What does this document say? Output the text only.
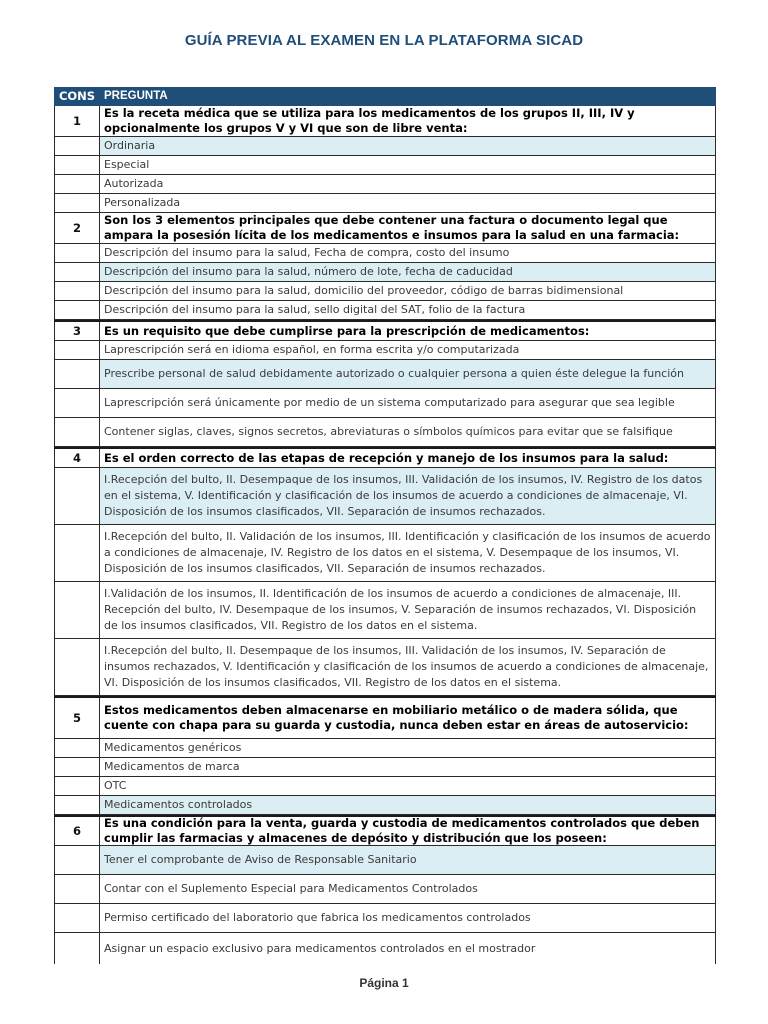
GUÍA PREVIA AL EXAMEN EN LA PLATAFORMA SICAD
CONS PREGUNTA
1
Es la receta médica que se utiliza para los medicamentos de los grupos II, III, IV y opcionalmente los grupos V y VI que son de libre venta:
Ordinaria
Especial
Autorizada
Personalizada
2
Son los 3 elementos principales que debe contener una factura o documento legal que ampara la posesión lícita de los medicamentos e insumos para la salud en una farmacia:
Descripción del insumo para la salud, Fecha de compra, costo del insumo
Descripción del insumo para la salud, número de lote, fecha de caducidad
Descripción del insumo para la salud, domicilio del proveedor, código de barras bidimensional
Descripción del insumo para la salud, sello digital del SAT, folio de la factura
3	Es un requisito que debe cumplirse para la prescripción de medicamentos:
Laprescripción será en idioma español, en forma escrita y/o computarizada
Prescribe personal de salud debidamente autorizado o cualquier persona a quien éste delegue la función
Laprescripción será únicamente por medio de un sistema computarizado para asegurar que sea legible
Contener siglas, claves, signos secretos, abreviaturas o símbolos químicos para evitar que se falsifique
4	Es el orden correcto de las etapas de recepción y manejo de los insumos para la salud:
I.Recepción del bulto, II. Desempaque de los insumos, III. Validación de los insumos, IV. Registro de los datos en el sistema, V. Identificación y clasificación de los insumos de acuerdo a condiciones de almacenaje, VI. Disposición de los insumos clasificados, VII. Separación de insumos rechazados.
I.Recepción del bulto, II. Validación de los insumos, III. Identificación y clasificación de los insumos de acuerdo a condiciones de almacenaje, IV. Registro de los datos en el sistema, V. Desempaque de los insumos, VI. Disposición de los insumos clasificados, VII. Separación de insumos rechazados.
I.Validación de los insumos, II. Identificación de los insumos de acuerdo a condiciones de almacenaje, III. Recepción del bulto, IV. Desempaque de los insumos, V. Separación de insumos rechazados, VI. Disposición de los insumos clasificados, VII. Registro de los datos en el sistema.
I.Recepción del bulto, II. Desempaque de los insumos, III. Validación de los insumos, IV. Separación de insumos rechazados, V. Identificación y clasificación de los insumos de acuerdo a condiciones de almacenaje, VI. Disposición de los insumos clasificados, VII. Registro de los datos en el sistema.
5
Estos medicamentos deben almacenarse en mobiliario metálico o de madera sólida, que cuente con chapa para su guarda y custodia, nunca deben estar en áreas de autoservicio:
Medicamentos genéricos
Medicamentos de marca
OTC
Medicamentos controlados
6
Es una condición para la venta, guarda y custodia de medicamentos controlados que deben cumplir las farmacias y almacenes de depósito y distribución que los poseen:
Tener el comprobante de Aviso de Responsable Sanitario
Contar con el Suplemento Especial para Medicamentos Controlados
Permiso certificado del laboratorio que fabrica los medicamentos controlados
Asignar un espacio exclusivo para medicamentos controlados en el mostrador
Página 1
